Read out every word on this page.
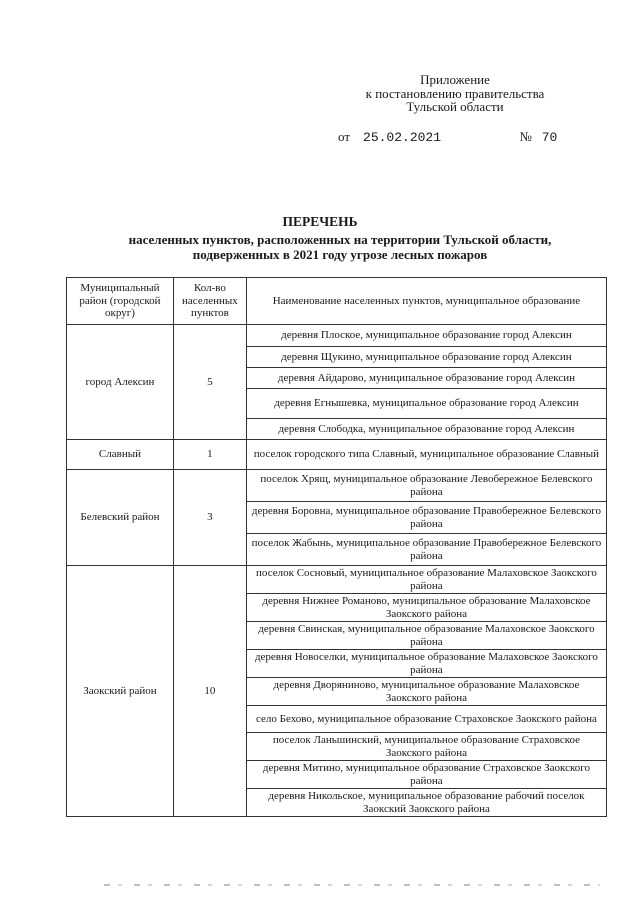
Приложение
к постановлению правительства
Тульской области
от 25.02.2021	№ 70
ПЕРЕЧЕНЬ
населенных пунктов, расположенных на территории Тульской области,
подверженных в 2021 году угрозе лесных пожаров
Муниципальный район (городской округ)	Кол-во населенных пунктов	Наименование населенных пунктов, муниципальное образование
город Алексин	5	деревня Плоское, муниципальное образование город Алексин
		деревня Щукино, муниципальное образование город Алексин
		деревня Айдарово, муниципальное образование город Алексин
		деревня Егнышевка, муниципальное образование город Алексин
		деревня Слободка, муниципальное образование город Алексин
Славный	1	поселок городского типа Славный, муниципальное образование Славный
Белевский район	3	поселок Хрящ, муниципальное образование Левобережное Белевского района
		деревня Боровна, муниципальное образование Правобережное Белевского района
		поселок Жабынь, муниципальное образование Правобережное Белевского района
Заокский район	10	поселок Сосновый, муниципальное образование Малаховское Заокского района
		деревня Нижнее Романово, муниципальное образование Малаховское Заокского района
		деревня Свинская, муниципальное образование Малаховское Заокского района
		деревня Новоселки, муниципальное образование Малаховское Заокского района
		деревня Дворяниново, муниципальное образование Малаховское Заокского района
		село Бехово, муниципальное образование Страховское Заокского района
		поселок Ланьшинский, муниципальное образование Страховское Заокского района
		деревня Митино, муниципальное образование Страховское Заокского района
		деревня Никольское, муниципальное образование рабочий поселок Заокский Заокского района
